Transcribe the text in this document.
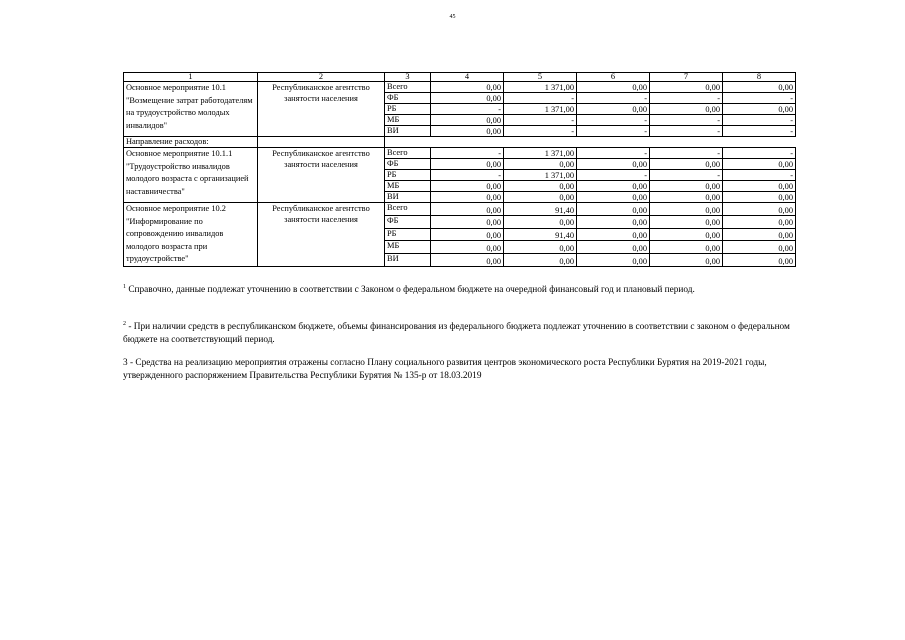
45
1	2	3	4	5	6	7	8
Основное мероприятие 10.1 "Возмещение затрат работодателям на трудоустройство молодых инвалидов"	Республиканское агентство занятости населения	Всего	0,00	1 371,00	0,00	0,00	0,00
		ФБ	0,00	-	-	-	-
		РБ	-	1 371,00	0,00	0,00	0,00
		МБ	0,00	-	-	-	-
		ВИ	0,00	-	-	-	-
Направление расходов:							
Основное мероприятие 10.1.1 "Трудоустройство инвалидов молодого возраста с организацией наставничества"	Республиканское агентство занятости населения	Всего	-	1 371,00	-	-	-
		ФБ	0,00	0,00	0,00	0,00	0,00
		РБ	-	1 371,00	-	-	-
		МБ	0,00	0,00	0,00	0,00	0,00
		ВИ	0,00	0,00	0,00	0,00	0,00
Основное мероприятие 10.2 "Информирование по сопровождению инвалидов молодого возраста при трудоустройстве"	Республиканское агентство занятости населения	Всего	0,00	91,40	0,00	0,00	0,00
		ФБ	0,00	0,00	0,00	0,00	0,00
		РБ	0,00	91,40	0,00	0,00	0,00
		МБ	0,00	0,00	0,00	0,00	0,00
		ВИ	0,00	0,00	0,00	0,00	0,00
$^1$ Справочно, данные подлежат уточнению в соответствии с Законом о федеральном бюджете на очередной финансовый год и плановый период.
$^2$ - При наличии средств в республиканском бюджете, объемы финансирования из федерального бюджета подлежат уточнению в соответствии с законом о федеральном бюджете на соответствующий период.
3 - Средства на реализацию мероприятия отражены согласно Плану социального развития центров экономического роста Республики Бурятия на 2019-2021 годы, утвержденного распоряжением Правительства Республики Бурятия № 135-р от 18.03.2019
